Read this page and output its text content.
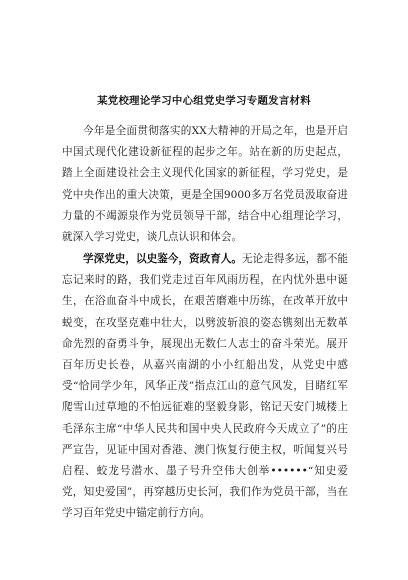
某党校理论学习中心组党史学习专题发言材料

今年是全面贯彻落实的XX大精神的开局之年，也是开启中国式现代化建设新征程的起步之年。站在新的历史起点，踏上全面建设社会主义现代化国家的新征程，学习党史，是党中央作出的重大决策，更是全国9000多万名党员汲取奋进力量的不竭源泉作为党员领导干部，结合中心组理论学习，就深入学习党史，谈几点认识和体会。

学深党史，以史鉴今，资政育人。无论走得多远，都不能忘记来时的路，我们党走过百年风雨历程，在内忧外患中诞生，在浴血奋斗中成长，在艰苦磨难中历练，在改革开放中蜕变，在攻坚克难中壮大，以劈波斩浪的姿态镌刻出无数革命先烈的奋勇斗争，展现出无数仁人志士的奋斗荣光。展开百年历史长卷，从嘉兴南湖的小小红船出发，从党史中感受“恰同学少年，风华正茂”指点江山的意气风发，目睹红军爬雪山过草地的不怕远征难的坚毅身影，铭记天安门城楼上毛泽东主席“中华人民共和国中央人民政府今天成立了”的庄严宣告，见证中国对香港、澳门恢复行使主权，听闻复兴号启程、蛟龙号潜水、墨子号升空伟大创举••••••“知史爱党，知史爱国”，再穿越历史长河，我们作为党员干部，当在学习百年党史中锚定前行方向。
